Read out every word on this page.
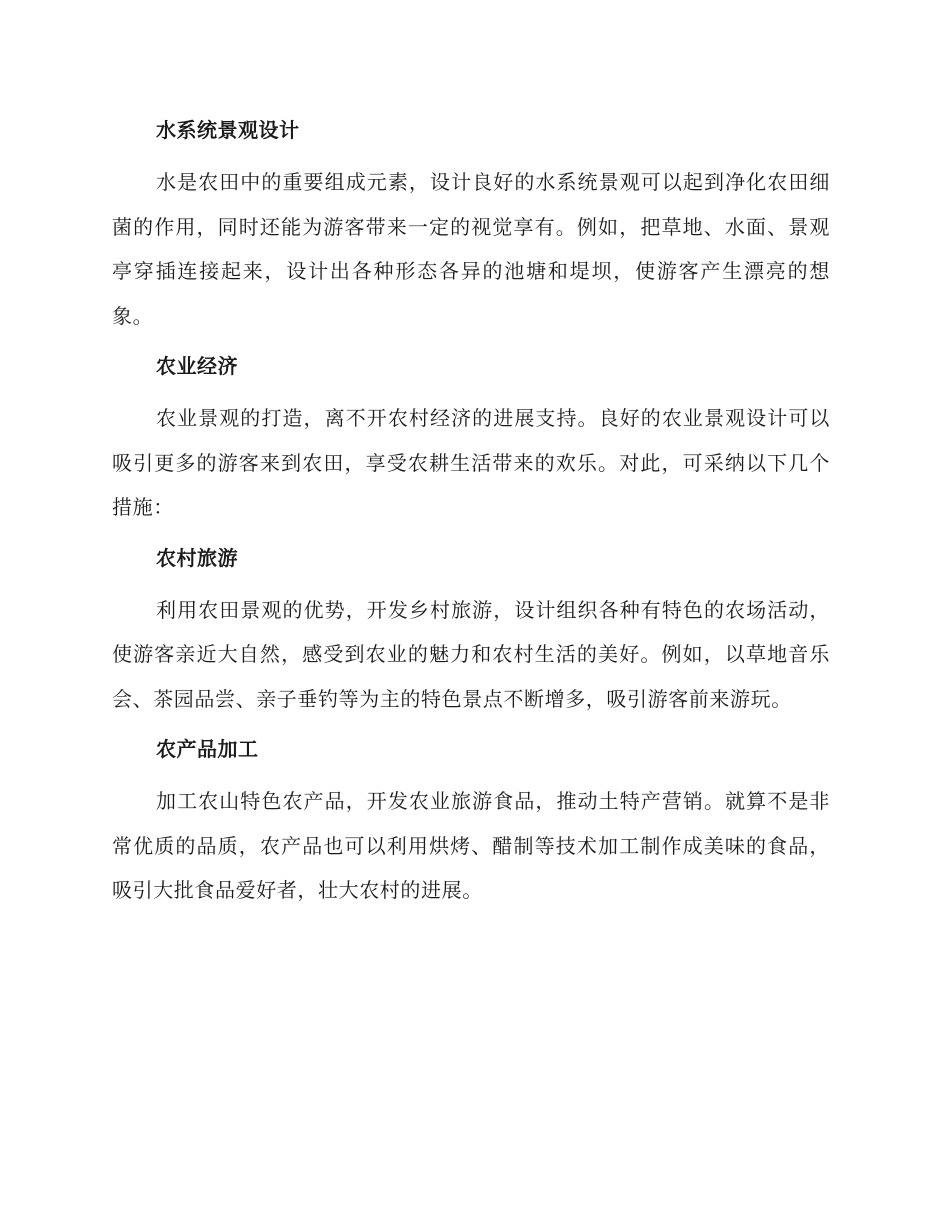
水系统景观设计

水是农田中的重要组成元素，设计良好的水系统景观可以起到净化农田细菌的作用，同时还能为游客带来一定的视觉享有。例如，把草地、水面、景观亭穿插连接起来，设计出各种形态各异的池塘和堤坝，使游客产生漂亮的想象。

农业经济

农业景观的打造，离不开农村经济的进展支持。良好的农业景观设计可以吸引更多的游客来到农田，享受农耕生活带来的欢乐。对此，可采纳以下几个措施：

农村旅游

利用农田景观的优势，开发乡村旅游，设计组织各种有特色的农场活动，使游客亲近大自然，感受到农业的魅力和农村生活的美好。例如，以草地音乐会、茶园品尝、亲子垂钓等为主的特色景点不断增多，吸引游客前来游玩。

农产品加工

加工农山特色农产品，开发农业旅游食品，推动土特产营销。就算不是非常优质的品质，农产品也可以利用烘烤、醋制等技术加工制作成美味的食品，吸引大批食品爱好者，壮大农村的进展。
